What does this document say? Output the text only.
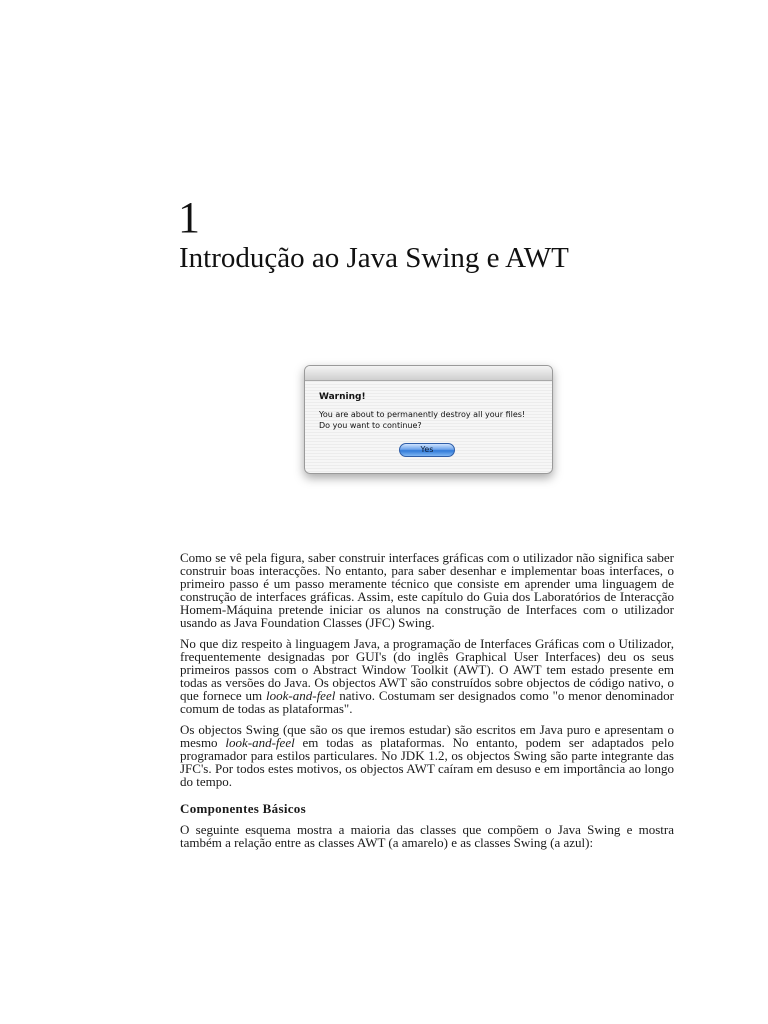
1
Introdução ao Java Swing e AWT
Warning!
You are about to permanently destroy all your files!
Do you want to continue?
Yes

Como se vê pela figura, saber construir interfaces gráficas com o utilizador não significa saber construir boas interacções. No entanto, para saber desenhar e implementar boas interfaces, o primeiro passo é um passo meramente técnico que consiste em aprender uma linguagem de construção de interfaces gráficas. Assim, este capítulo do Guia dos Laboratórios de Interacção Homem-Máquina pretende iniciar os alunos na construção de Interfaces com o utilizador usando as Java Foundation Classes (JFC) Swing.

No que diz respeito à linguagem Java, a programação de Interfaces Gráficas com o Utilizador, frequentemente designadas por GUI's (do inglês Graphical User Interfaces) deu os seus primeiros passos com o Abstract Window Toolkit (AWT). O AWT tem estado presente em todas as versões do Java. Os objectos AWT são construídos sobre objectos de código nativo, o que fornece um look-and-feel nativo. Costumam ser designados como "o menor denominador comum de todas as plataformas".

Os objectos Swing (que são os que iremos estudar) são escritos em Java puro e apresentam o mesmo look-and-feel em todas as plataformas. No entanto, podem ser adaptados pelo programador para estilos particulares. No JDK 1.2, os objectos Swing são parte integrante das JFC's. Por todos estes motivos, os objectos AWT caíram em desuso e em importância ao longo do tempo.

Componentes Básicos

O seguinte esquema mostra a maioria das classes que compõem o Java Swing e mostra também a relação entre as classes AWT (a amarelo) e as classes Swing (a azul):
